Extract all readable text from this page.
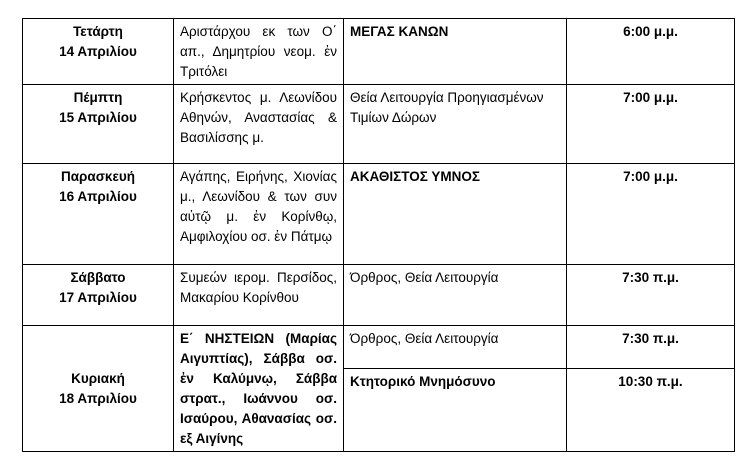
Τετάρτη
14 Απριλίου	Αριστάρχου εκ των Ο΄ απ., Δημητρίου νεομ. ἐν Τριτόλει	ΜΕΓΑΣ ΚΑΝΩΝ	6:00 μ.μ.

Πέμπτη
15 Απριλίου	Κρήσκεντος μ. Λεωνίδου Αθηνών, Αναστασίας & Βασιλίσσης μ.	Θεία Λειτουργία Προηγιασμένων Τιμίων Δώρων	7:00 μ.μ.

Παρασκευή
16 Απριλίου	Αγάπης, Ειρήνης, Χιονίας μ., Λεωνίδου & των συν αὐτῷ μ. ἐν Κορίνθῳ, Αμφιλοχίου οσ. ἐν Πάτμῳ	ΑΚΑΘΙΣΤΟΣ ΥΜΝΟΣ	7:00 μ.μ.

Σάββατο
17 Απριλίου	Συμεών ιερομ. Περσίδος, Μακαρίου Κορίνθου	Όρθρος, Θεία Λειτουργία	7:30 π.μ.

Κυριακή
18 Απριλίου	Ε΄ ΝΗΣΤΕΙΩΝ (Μαρίας Αιγυπτίας), Σάββα οσ. ἐν Καλύμνῳ, Σάββα στρατ., Ιωάννου οσ. Ισαύρου, Αθανασίας οσ. εξ Αιγίνης	Όρθρος, Θεία Λειτουργία	7:30 π.μ.
		Κτητορικό Μνημόσυνο	10:30 π.μ.
